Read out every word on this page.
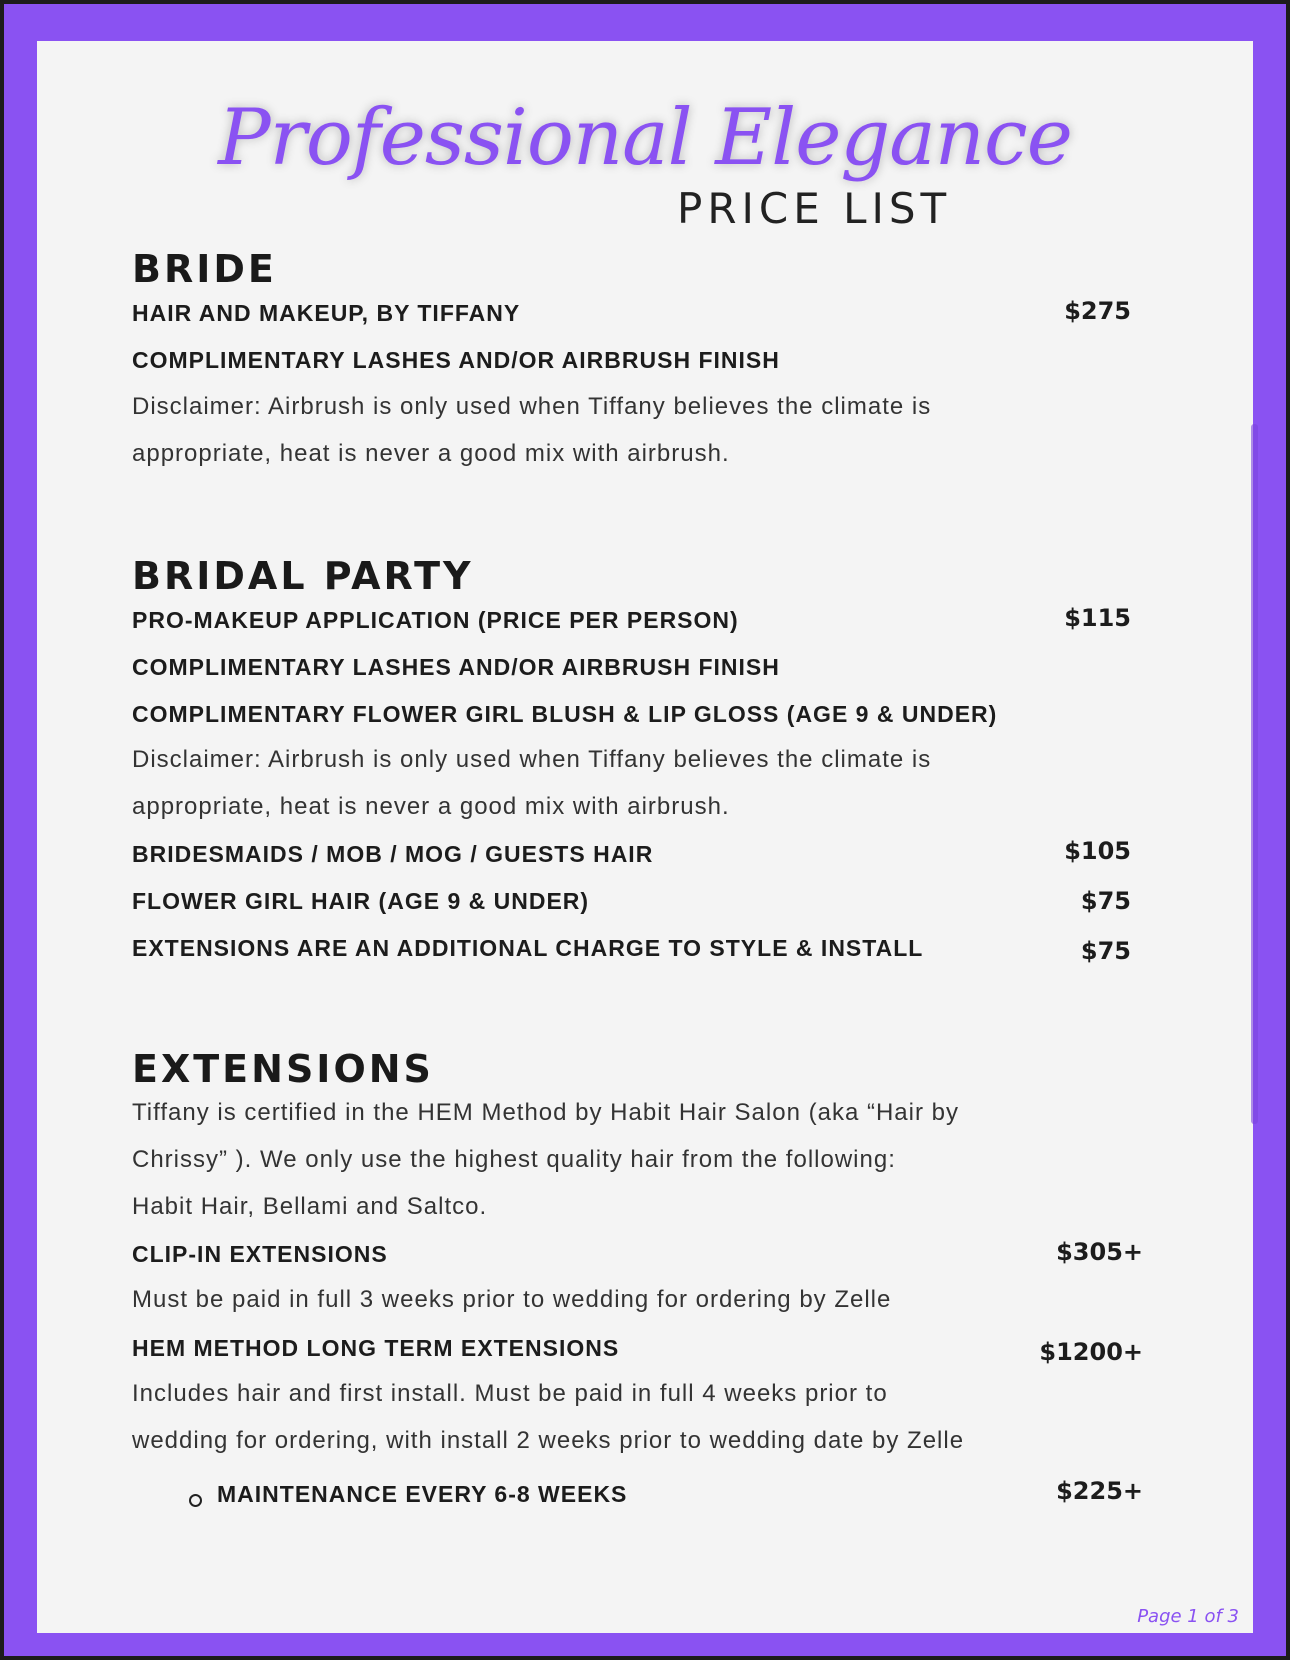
Professional Elegance
PRICE LIST
BRIDE
HAIR AND MAKEUP, BY TIFFANY	$275
COMPLIMENTARY LASHES AND/OR AIRBRUSH FINISH
Disclaimer: Airbrush is only used when Tiffany believes the climate is
appropriate, heat is never a good mix with airbrush.
BRIDAL PARTY
PRO-MAKEUP APPLICATION (PRICE PER PERSON)	$115
COMPLIMENTARY LASHES AND/OR AIRBRUSH FINISH
COMPLIMENTARY FLOWER GIRL BLUSH & LIP GLOSS (AGE 9 & UNDER)
Disclaimer: Airbrush is only used when Tiffany believes the climate is
appropriate, heat is never a good mix with airbrush.
BRIDESMAIDS / MOB / MOG / GUESTS HAIR	$105
FLOWER GIRL HAIR (AGE 9 & UNDER)	$75
EXTENSIONS ARE AN ADDITIONAL CHARGE TO STYLE & INSTALL	$75
EXTENSIONS
Tiffany is certified in the HEM Method by Habit Hair Salon (aka “Hair by
Chrissy” ). We only use the highest quality hair from the following:
Habit Hair, Bellami and Saltco.
CLIP-IN EXTENSIONS	$305+
Must be paid in full 3 weeks prior to wedding for ordering by Zelle
HEM METHOD LONG TERM EXTENSIONS	$1200+
Includes hair and first install. Must be paid in full 4 weeks prior to
wedding for ordering, with install 2 weeks prior to wedding date by Zelle
MAINTENANCE EVERY 6-8 WEEKS	$225+
Page 1 of 3
